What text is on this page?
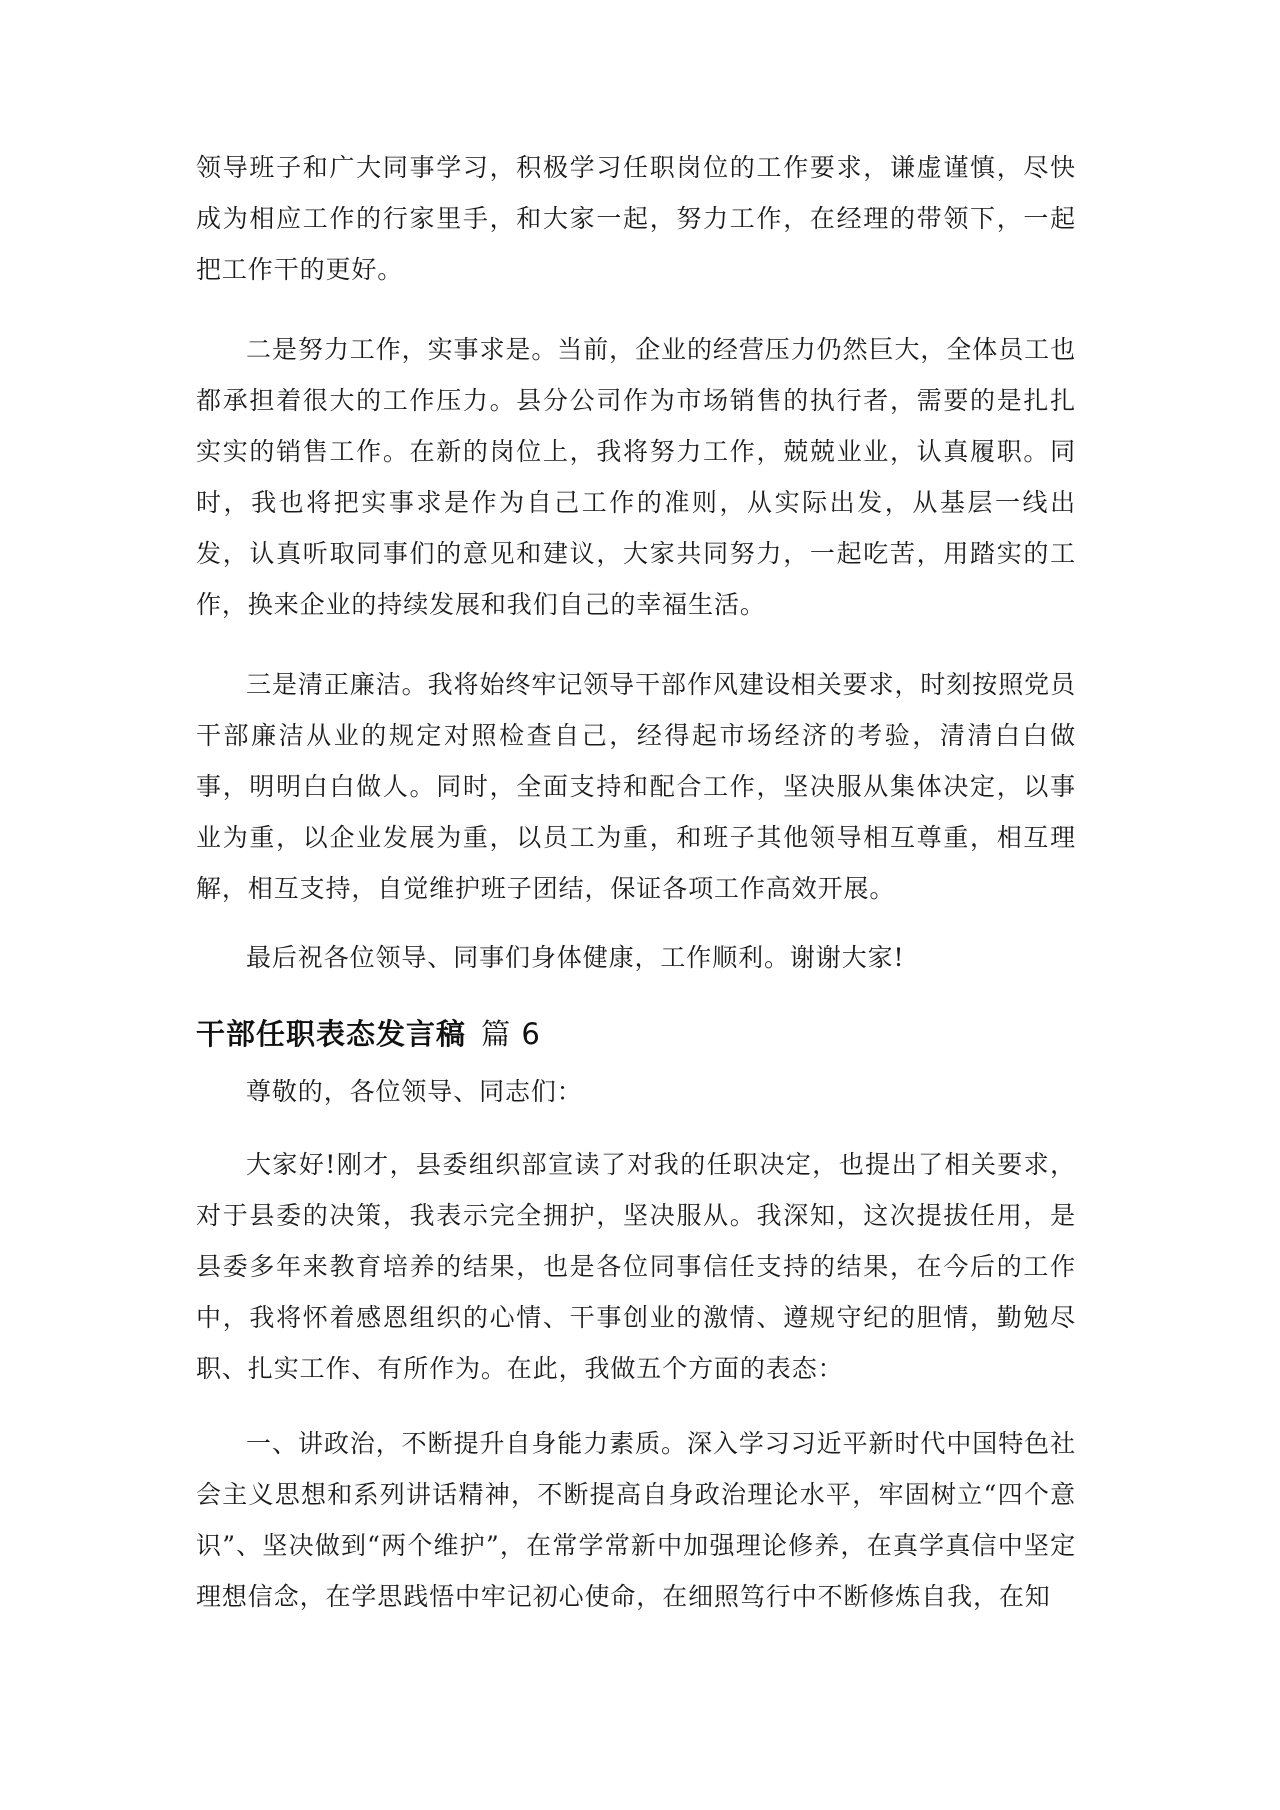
领导班子和广大同事学习，积极学习任职岗位的工作要求，谦虚谨慎，尽快成为相应工作的行家里手，和大家一起，努力工作，在经理的带领下，一起把工作干的更好。

二是努力工作，实事求是。当前，企业的经营压力仍然巨大，全体员工也都承担着很大的工作压力。县分公司作为市场销售的执行者，需要的是扎扎实实的销售工作。在新的岗位上，我将努力工作，兢兢业业，认真履职。同时，我也将把实事求是作为自己工作的准则，从实际出发，从基层一线出发，认真听取同事们的意见和建议，大家共同努力，一起吃苦，用踏实的工作，换来企业的持续发展和我们自己的幸福生活。

三是清正廉洁。我将始终牢记领导干部作风建设相关要求，时刻按照党员干部廉洁从业的规定对照检查自己，经得起市场经济的考验，清清白白做事，明明白白做人。同时，全面支持和配合工作，坚决服从集体决定，以事业为重，以企业发展为重，以员工为重，和班子其他领导相互尊重，相互理解，相互支持，自觉维护班子团结，保证各项工作高效开展。

最后祝各位领导、同事们身体健康，工作顺利。谢谢大家!

干部任职表态发言稿 篇 6

尊敬的，各位领导、同志们：

大家好!刚才，县委组织部宣读了对我的任职决定，也提出了相关要求，对于县委的决策，我表示完全拥护，坚决服从。我深知，这次提拔任用，是县委多年来教育培养的结果，也是各位同事信任支持的结果，在今后的工作中，我将怀着感恩组织的心情、干事创业的激情、遵规守纪的胆情，勤勉尽职、扎实工作、有所作为。在此，我做五个方面的表态：

一、讲政治，不断提升自身能力素质。深入学习习近平新时代中国特色社会主义思想和系列讲话精神，不断提高自身政治理论水平，牢固树立“四个意识”、坚决做到“两个维护”，在常学常新中加强理论修养，在真学真信中坚定理想信念，在学思践悟中牢记初心使命，在细照笃行中不断修炼自我，在知
